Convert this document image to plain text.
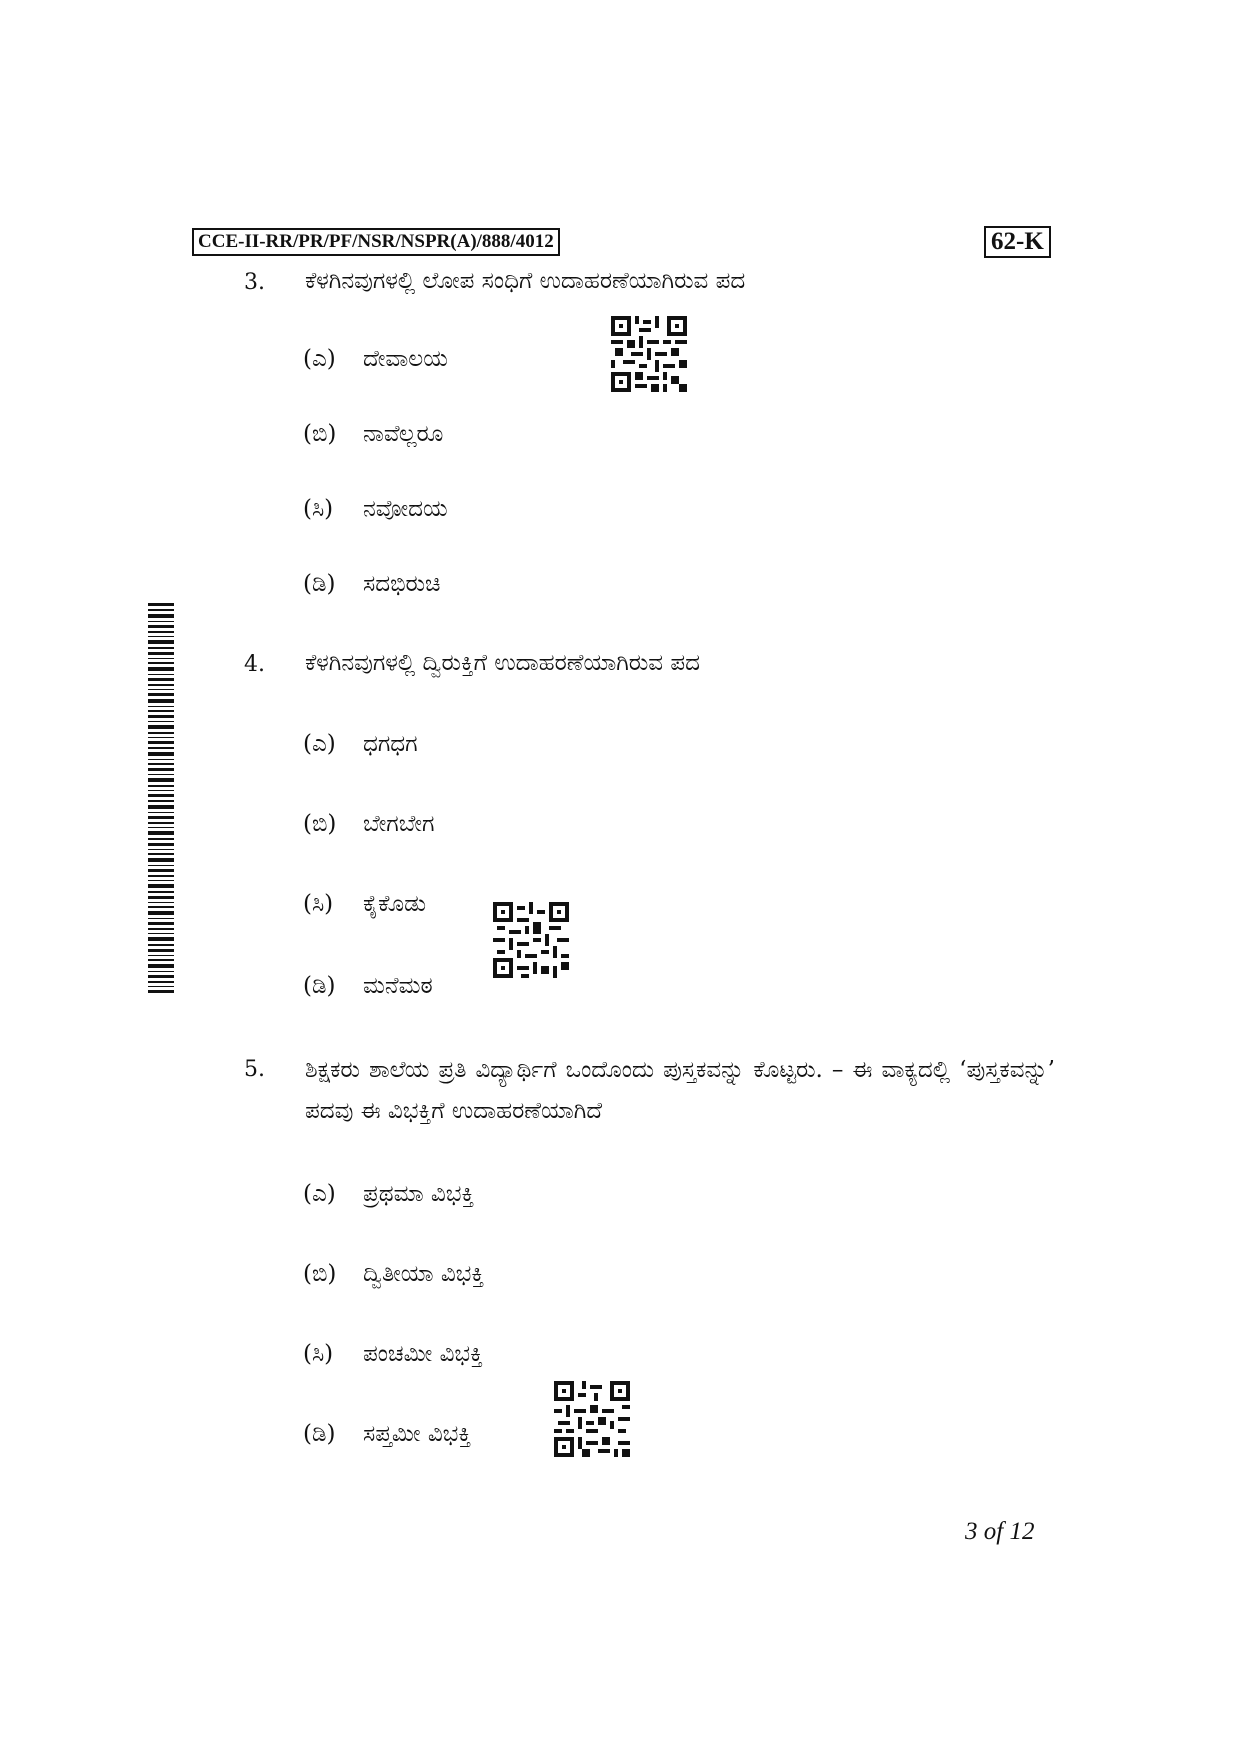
CCE-II-RR/PR/PF/NSR/NSPR(A)/888/4012	62-K
3. ಕೆಳಗಿನವುಗಳಲ್ಲಿ ಲೋಪ ಸಂಧಿಗೆ ಉದಾಹರಣೆಯಾಗಿರುವ ಪದ
(ಎ) ದೇವಾಲಯ
(ಬಿ) ನಾವೆಲ್ಲರೂ
(ಸಿ) ನವೋದಯ
(ಡಿ) ಸದಭಿರುಚಿ
4. ಕೆಳಗಿನವುಗಳಲ್ಲಿ ದ್ವಿರುಕ್ತಿಗೆ ಉದಾಹರಣೆಯಾಗಿರುವ ಪದ
(ಎ) ಧಗಧಗ
(ಬಿ) ಬೇಗಬೇಗ
(ಸಿ) ಕೈಕೊಡು
(ಡಿ) ಮನೆಮಠ
5. ಶಿಕ್ಷಕರು ಶಾಲೆಯ ಪ್ರತಿ ವಿದ್ಯಾರ್ಥಿಗೆ ಒಂದೊಂದು ಪುಸ್ತಕವನ್ನು ಕೊಟ್ಟರು. – ಈ ವಾಕ್ಯದಲ್ಲಿ ‘ಪುಸ್ತಕವನ್ನು’ ಪದವು ಈ ವಿಭಕ್ತಿಗೆ ಉದಾಹರಣೆಯಾಗಿದೆ
(ಎ) ಪ್ರಥಮಾ ವಿಭಕ್ತಿ
(ಬಿ) ದ್ವಿತೀಯಾ ವಿಭಕ್ತಿ
(ಸಿ) ಪಂಚಮೀ ವಿಭಕ್ತಿ
(ಡಿ) ಸಪ್ತಮೀ ವಿಭಕ್ತಿ
3 of 12
